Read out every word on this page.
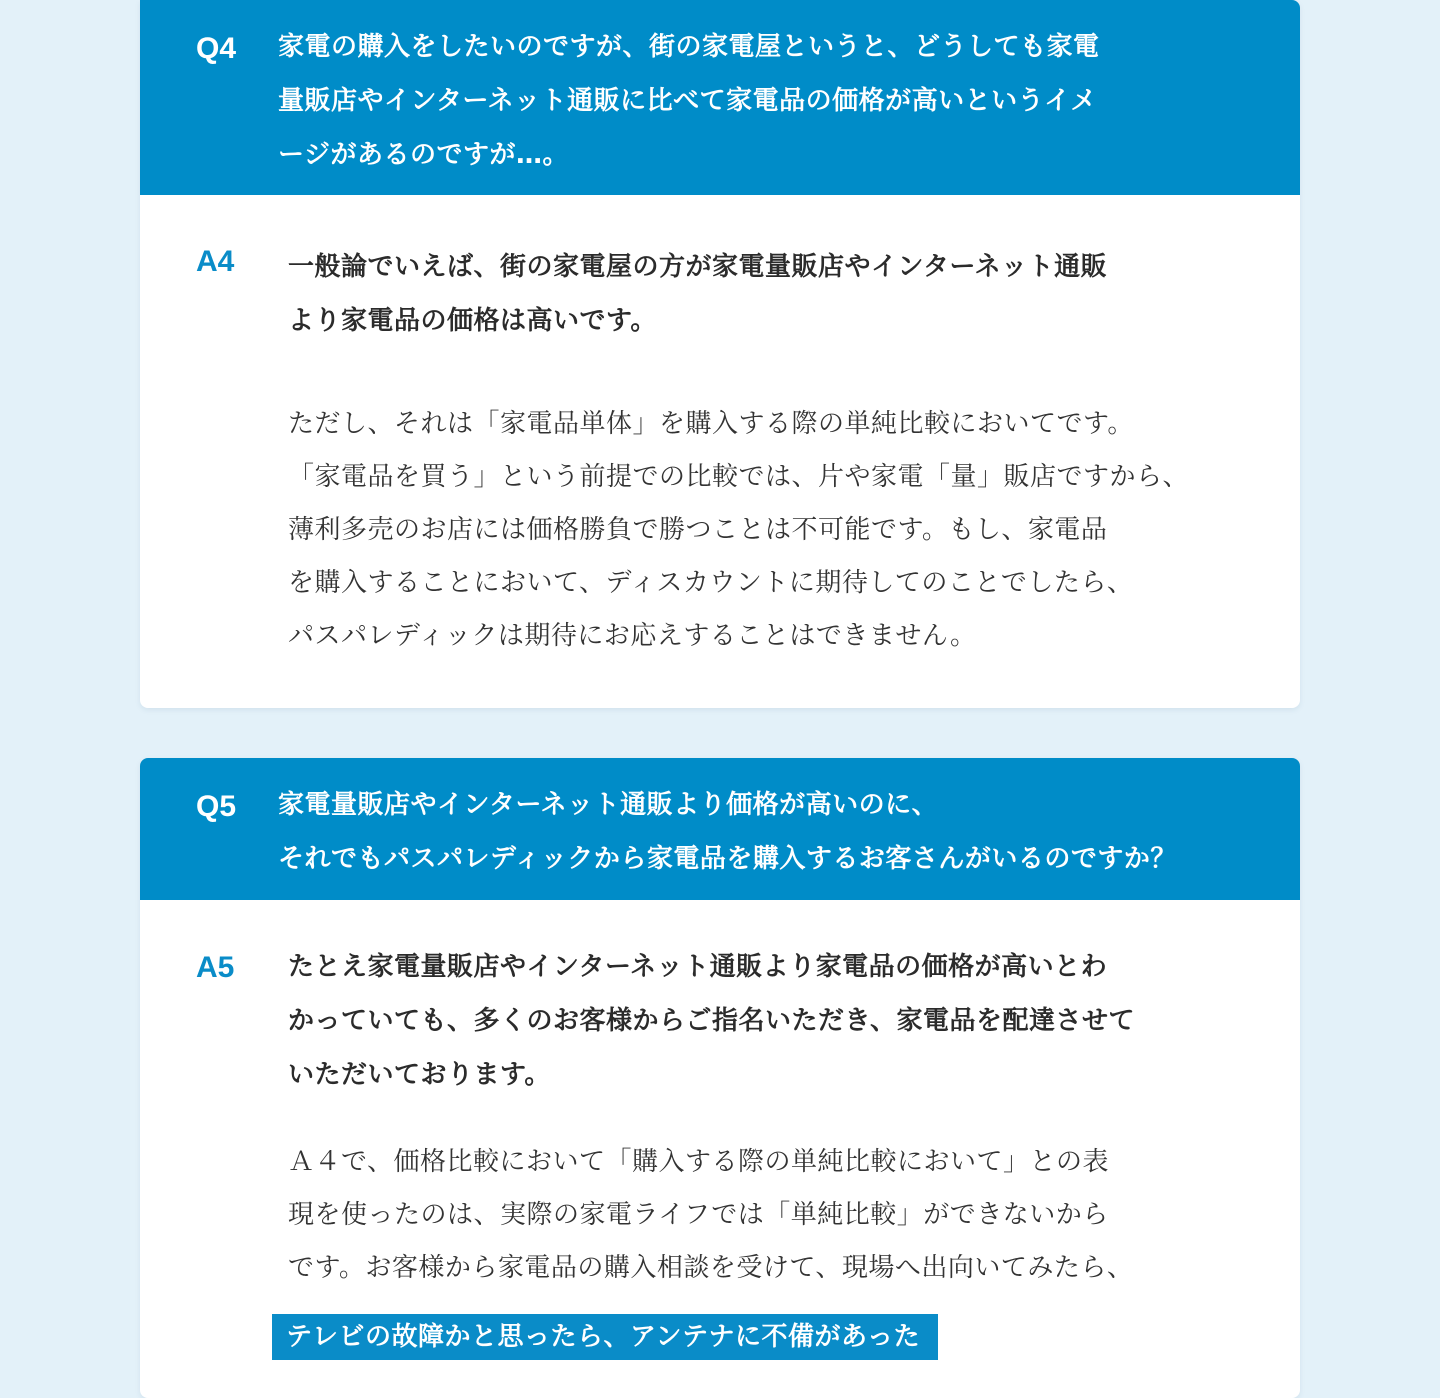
Q4 家電の購入をしたいのですが、街の家電屋というと、どうしても家電
量販店やインターネット通販に比べて家電品の価格が高いというイメ
ージがあるのですが…。
A4 一般論でいえば、街の家電屋の方が家電量販店やインターネット通販
より家電品の価格は高いです。
ただし、それは「家電品単体」を購入する際の単純比較においてです。
「家電品を買う」という前提での比較では、片や家電「量」販店ですから、
薄利多売のお店には価格勝負で勝つことは不可能です。もし、家電品
を購入することにおいて、ディスカウントに期待してのことでしたら、
パスパレディックは期待にお応えすることはできません。
Q5 家電量販店やインターネット通販より価格が高いのに、
それでもパスパレディックから家電品を購入するお客さんがいるのですか？
A5 たとえ家電量販店やインターネット通販より家電品の価格が高いとわ
かっていても、多くのお客様からご指名いただき、家電品を配達させて
いただいております。
Ａ４で、価格比較において「購入する際の単純比較において」との表
現を使ったのは、実際の家電ライフでは「単純比較」ができないから
です。お客様から家電品の購入相談を受けて、現場へ出向いてみたら、
テレビの故障かと思ったら、アンテナに不備があった
